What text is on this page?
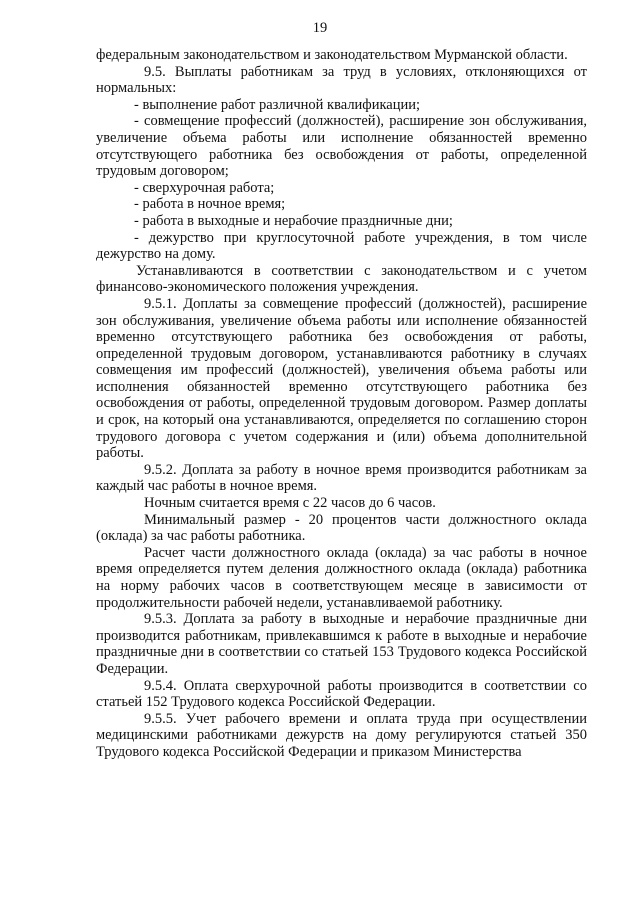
19

федеральным законодательством и законодательством Мурманской области.

9.5. Выплаты работникам за труд в условиях, отклоняющихся от нормальных:

- выполнение работ различной квалификации;

- совмещение профессий (должностей), расширение зон обслуживания, увеличение объема работы или исполнение обязанностей временно отсутствующего работника без освобождения от работы, определенной трудовым договором;

- сверхурочная работа;

- работа в ночное время;

- работа в выходные и нерабочие праздничные дни;

- дежурство при круглосуточной работе учреждения, в том числе дежурство на дому.

Устанавливаются в соответствии с законодательством и с учетом финансово-экономического положения учреждения.

9.5.1. Доплаты за совмещение профессий (должностей), расширение зон обслуживания, увеличение объема работы или исполнение обязанностей временно отсутствующего работника без освобождения от работы, определенной трудовым договором, устанавливаются работнику в случаях совмещения им профессий (должностей), увеличения объема работы или исполнения обязанностей временно отсутствующего работника без освобождения от работы, определенной трудовым договором. Размер доплаты и срок, на который она устанавливаются, определяется по соглашению сторон трудового договора с учетом содержания и (или) объема дополнительной работы.

9.5.2. Доплата за работу в ночное время производится работникам за каждый час работы в ночное время.

Ночным считается время с 22 часов до 6 часов.

Минимальный размер - 20 процентов части должностного оклада (оклада) за час работы работника.

Расчет части должностного оклада (оклада) за час работы в ночное время определяется путем деления должностного оклада (оклада) работника на норму рабочих часов в соответствующем месяце в зависимости от продолжительности рабочей недели, устанавливаемой работнику.

9.5.3. Доплата за работу в выходные и нерабочие праздничные дни производится работникам, привлекавшимся к работе в выходные и нерабочие праздничные дни в соответствии со статьей 153 Трудового кодекса Российской Федерации.

9.5.4. Оплата сверхурочной работы производится в соответствии со статьей 152 Трудового кодекса Российской Федерации.

9.5.5. Учет рабочего времени и оплата труда при осуществлении медицинскими работниками дежурств на дому регулируются статьей 350 Трудового кодекса Российской Федерации и приказом Министерства
